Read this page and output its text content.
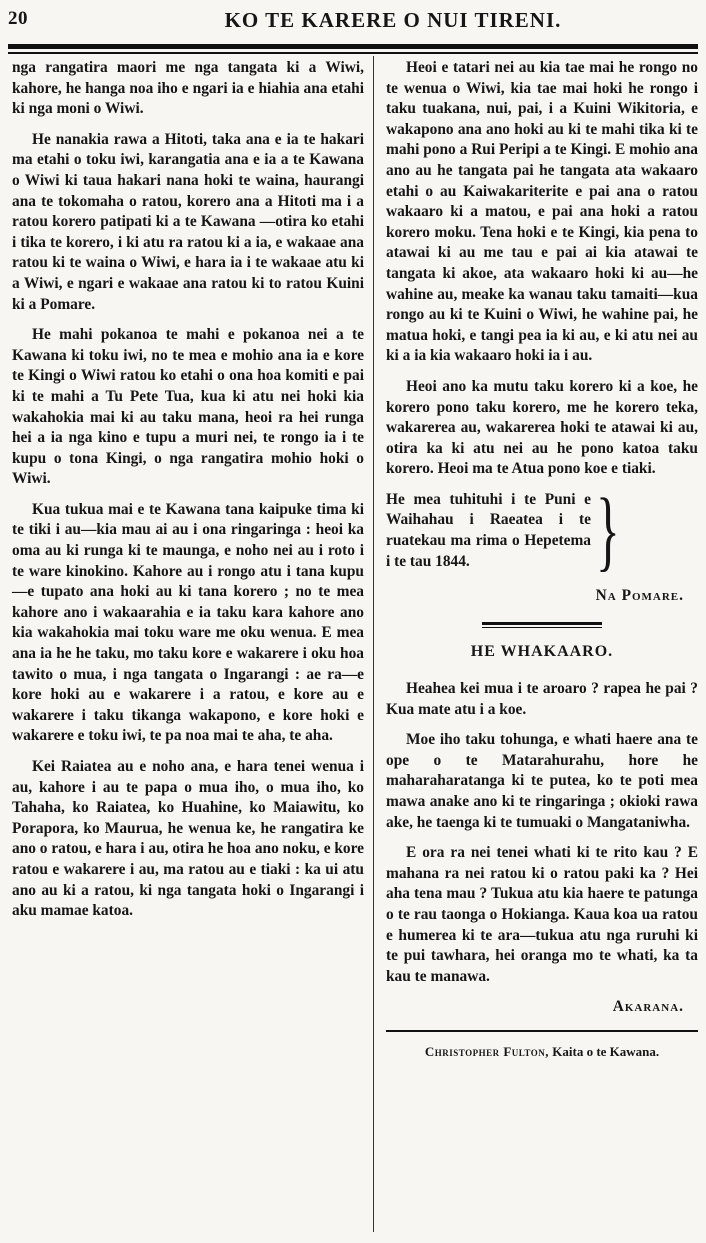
20	KO TE KARERE O NUI TIRENI.

nga rangatira maori me nga tangata ki a Wiwi, kahore, he hanga noa iho e ngari ia e hiahia ana etahi ki nga moni o Wiwi.

He nanakia rawa a Hitoti, taka ana e ia te hakari ma etahi o toku iwi, karangatia ana e ia a te Kawana o Wiwi ki taua hakari nana hoki te waina, haurangi ana te tokomaha o ratou, korero ana a Hitoti ma i a ratou korero patipati ki a te Kawana —otira ko etahi i tika te korero, i ki atu ra ratou ki a ia, e wakaae ana ratou ki te waina o Wiwi, e hara ia i te wakaae atu ki a Wiwi, e ngari e wakaae ana ratou ki to ratou Kuini ki a Pomare.

He mahi pokanoa te mahi e pokanoa nei a te Kawana ki toku iwi, no te mea e mohio ana ia e kore te Kingi o Wiwi ratou ko etahi o ona hoa komiti e pai ki te mahi a Tu Pete Tua, kua ki atu nei hoki kia wakahokia mai ki au taku mana, heoi ra hei runga hei a ia nga kino e tupu a muri nei, te rongo ia i te kupu o tona Kingi, o nga rangatira mohio hoki o Wiwi.

Kua tukua mai e te Kawana tana kaipuke tima ki te tiki i au—kia mau ai au i ona ringaringa : heoi ka oma au ki runga ki te maunga, e noho nei au i roto i te ware kinokino. Kahore au i rongo atu i tana kupu—e tupato ana hoki au ki tana korero ; no te mea kahore ano i wakaarahia e ia taku kara kahore ano kia wakahokia mai toku ware me oku wenua. E mea ana ia he he taku, mo taku kore e wakarere i oku hoa tawito o mua, i nga tangata o Ingarangi : ae ra—e kore hoki au e wakarere i a ratou, e kore au e wakarere i taku tikanga wakapono, e kore hoki e wakarere e toku iwi, te pa noa mai te aha, te aha.

Kei Raiatea au e noho ana, e hara tenei wenua i au, kahore i au te papa o mua iho, o mua iho, ko Tahaha, ko Raiatea, ko Huahine, ko Maiawitu, ko Porapora, ko Maurua, he wenua ke, he rangatira ke ano o ratou, e hara i au, otira he hoa ano noku, e kore ratou e wakarere i au, ma ratou au e tiaki : ka ui atu ano au ki a ratou, ki nga tangata hoki o Ingarangi i aku mamae katoa.

Heoi e tatari nei au kia tae mai he rongo no te wenua o Wiwi, kia tae mai hoki he rongo i taku tuakana, nui, pai, i a Kuini Wikitoria, e wakapono ana ano hoki au ki te mahi tika ki te mahi pono a Rui Peripi a te Kingi. E mohio ana ano au he tangata pai he tangata ata wakaaro etahi o au Kaiwakariterite e pai ana o ratou wakaaro ki a matou, e pai ana hoki a ratou korero moku. Tena hoki e te Kingi, kia pena to atawai ki au me tau e pai ai kia atawai te tangata ki akoe, ata wakaaro hoki ki au—he wahine au, meake ka wanau taku tamaiti—kua rongo au ki te Kuini o Wiwi, he wahine pai, he matua hoki, e tangi pea ia ki au, e ki atu nei au ki a ia kia wakaaro hoki ia i au.

Heoi ano ka mutu taku korero ki a koe, he korero pono taku korero, me he korero teka, wakarerea au, wakarerea hoki te atawai ki au, otira ka ki atu nei au he pono katoa taku korero. Heoi ma te Atua pono koe e tiaki.

He mea tuhituhi i te Puni e Waihahau i Raeatea i te ruatekau ma rima o Hepetema i te tau 1844.	}
Na Pomare.
HE WHAKAARO.

Heahea kei mua i te aroaro ? rapea he pai ? Kua mate atu i a koe.

Moe iho taku tohunga, e whati haere ana te ope o te Matarahurahu, hore he maharaharatanga ki te putea, ko te poti mea mawa anake ano ki te ringaringa ; okioki rawa ake, he taenga ki te tumuaki o Mangataniwha.

E ora ra nei tenei whati ki te rito kau ? E mahana ra nei ratou ki o ratou paki ka ? Hei aha tena mau ? Tukua atu kia haere te patunga o te rau taonga o Hokianga. Kaua koa ua ratou e humerea ki te ara—tukua atu nga ruruhi ki te pui tawhara, hei oranga mo te whati, ka ta kau te manawa.

Akarana.
Christopher Fulton, Kaita o te Kawana.
